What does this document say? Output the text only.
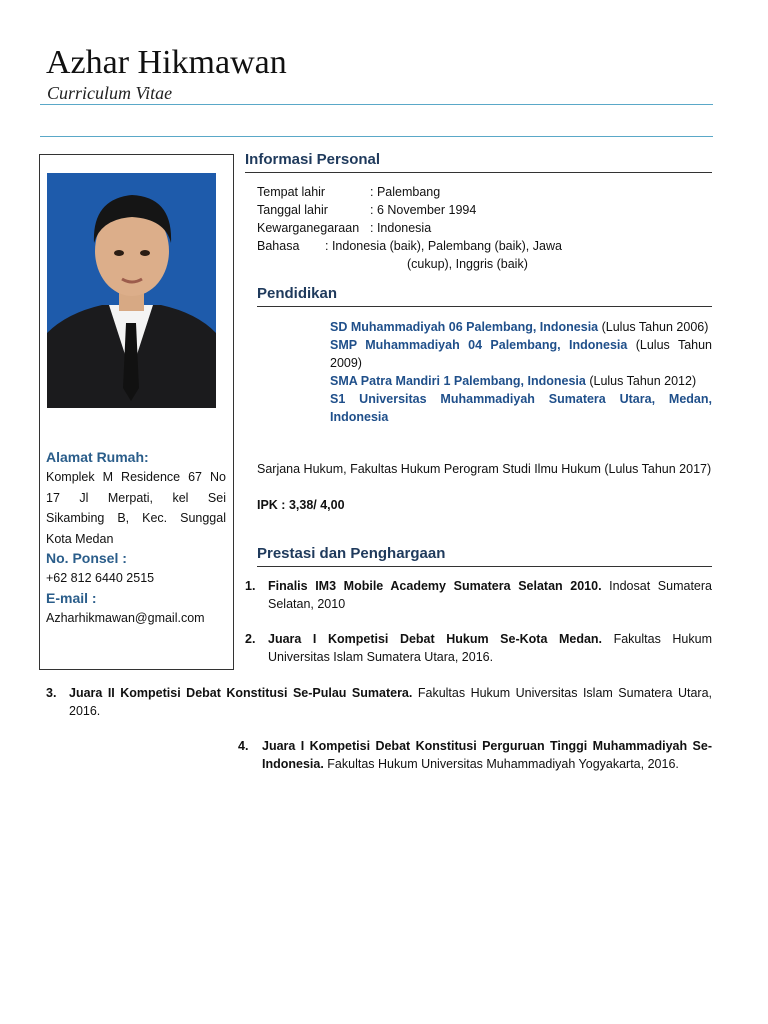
Azhar Hikmawan
Curriculum Vitae
Alamat Rumah:
Komplek M Residence 67 No
17 Jl Merpati, kel Sei
Sikambing B, Kec. Sunggal
Kota Medan
No. Ponsel :
+62 812 6440 2515
E-mail :
Azharhikmawan@gmail.com
Informasi Personal
Tempat lahir	: Palembang
Tanggal lahir	: 6 November 1994
Kewarganegaraan : Indonesia
Bahasa : Indonesia (baik), Palembang (baik), Jawa
(cukup), Inggris (baik)
Pendidikan
SD Muhammadiyah 06 Palembang, Indonesia (Lulus Tahun 2006)
SMP Muhammadiyah 04 Palembang, Indonesia (Lulus Tahun 2009)
SMA Patra Mandiri 1 Palembang, Indonesia (Lulus Tahun 2012)
S1 Universitas Muhammadiyah Sumatera Utara, Medan, Indonesia
Sarjana Hukum, Fakultas Hukum Perogram Studi Ilmu Hukum (Lulus Tahun 2017)
IPK : 3,38/ 4,00
Prestasi dan Penghargaan
1. Finalis IM3 Mobile Academy Sumatera Selatan 2010. Indosat Sumatera Selatan, 2010
2. Juara I Kompetisi Debat Hukum Se-Kota Medan. Fakultas Hukum Universitas Islam Sumatera Utara, 2016.
3. Juara II Kompetisi Debat Konstitusi Se-Pulau Sumatera. Fakultas Hukum Universitas Islam Sumatera Utara, 2016.
4. Juara I Kompetisi Debat Konstitusi Perguruan Tinggi Muhammadiyah Se-Indonesia. Fakultas Hukum Universitas Muhammadiyah Yogyakarta, 2016.
